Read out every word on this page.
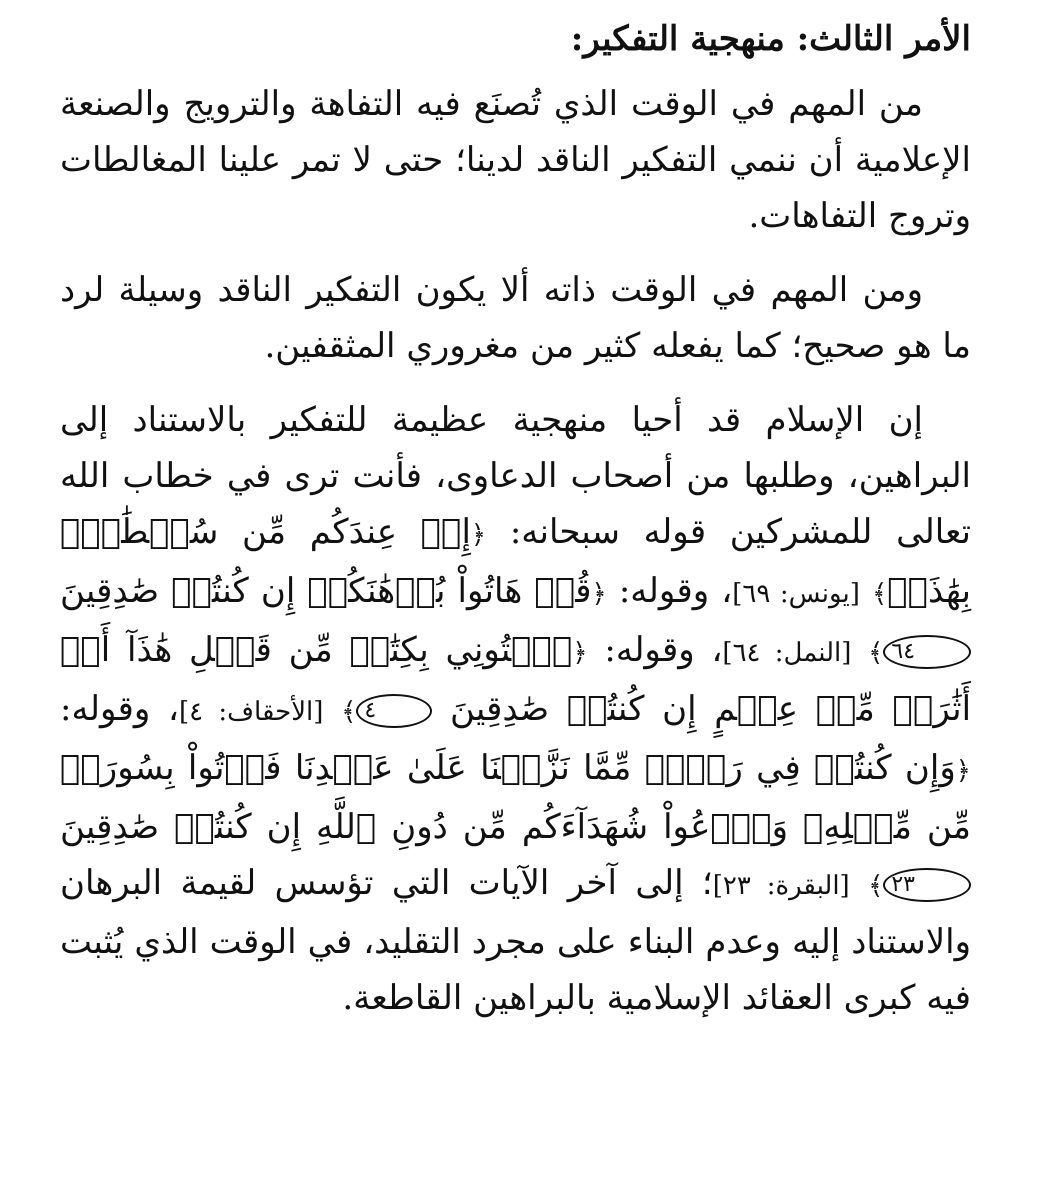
الأمر الثالث: منهجية التفكير:

من المهم في الوقت الذي تُصنَع فيه التفاهة والترويج والصنعة الإعلامية أن ننمي التفكير الناقد لدينا؛ حتى لا تمر علينا المغالطات وتروج التفاهات.

ومن المهم في الوقت ذاته ألا يكون التفكير الناقد وسيلة لرد ما هو صحيح؛ كما يفعله كثير من مغروري المثقفين.

إن الإسلام قد أحيا منهجية عظيمة للتفكير بالاستناد إلى البراهين، وطلبها من أصحاب الدعاوى، فأنت ترى في خطاب الله تعالى للمشركين قوله سبحانه: ﴿إِنۡ عِندَكُم مِّن سُلۡطَٰنِۭ بِهَٰذَآۚ﴾ [يونس: ٦٩]، وقوله: ﴿قُلۡ هَاتُواْ بُرۡهَٰنَكُمۡ إِن كُنتُمۡ صَٰدِقِينَ ٦٤﴾ [النمل: ٦٤]، وقوله: ﴿ٱئۡتُونِي بِكِتَٰبٖ مِّن قَبۡلِ هَٰذَآ أَوۡ أَثَٰرَةٖ مِّنۡ عِلۡمٍ إِن كُنتُمۡ صَٰدِقِينَ ٤﴾ [الأحقاف: ٤]، وقوله: ﴿وَإِن كُنتُمۡ فِي رَيۡبٖ مِّمَّا نَزَّلۡنَا عَلَىٰ عَبۡدِنَا فَأۡتُواْ بِسُورَةٖ مِّن مِّثۡلِهِۦ وَٱدۡعُواْ شُهَدَآءَكُم مِّن دُونِ ٱللَّهِ إِن كُنتُمۡ صَٰدِقِينَ ٢٣﴾ [البقرة: ٢٣]؛ إلى آخر الآيات التي تؤسس لقيمة البرهان والاستناد إليه وعدم البناء على مجرد التقليد، في الوقت الذي يُثبت فيه كبرى العقائد الإسلامية بالبراهين القاطعة.
